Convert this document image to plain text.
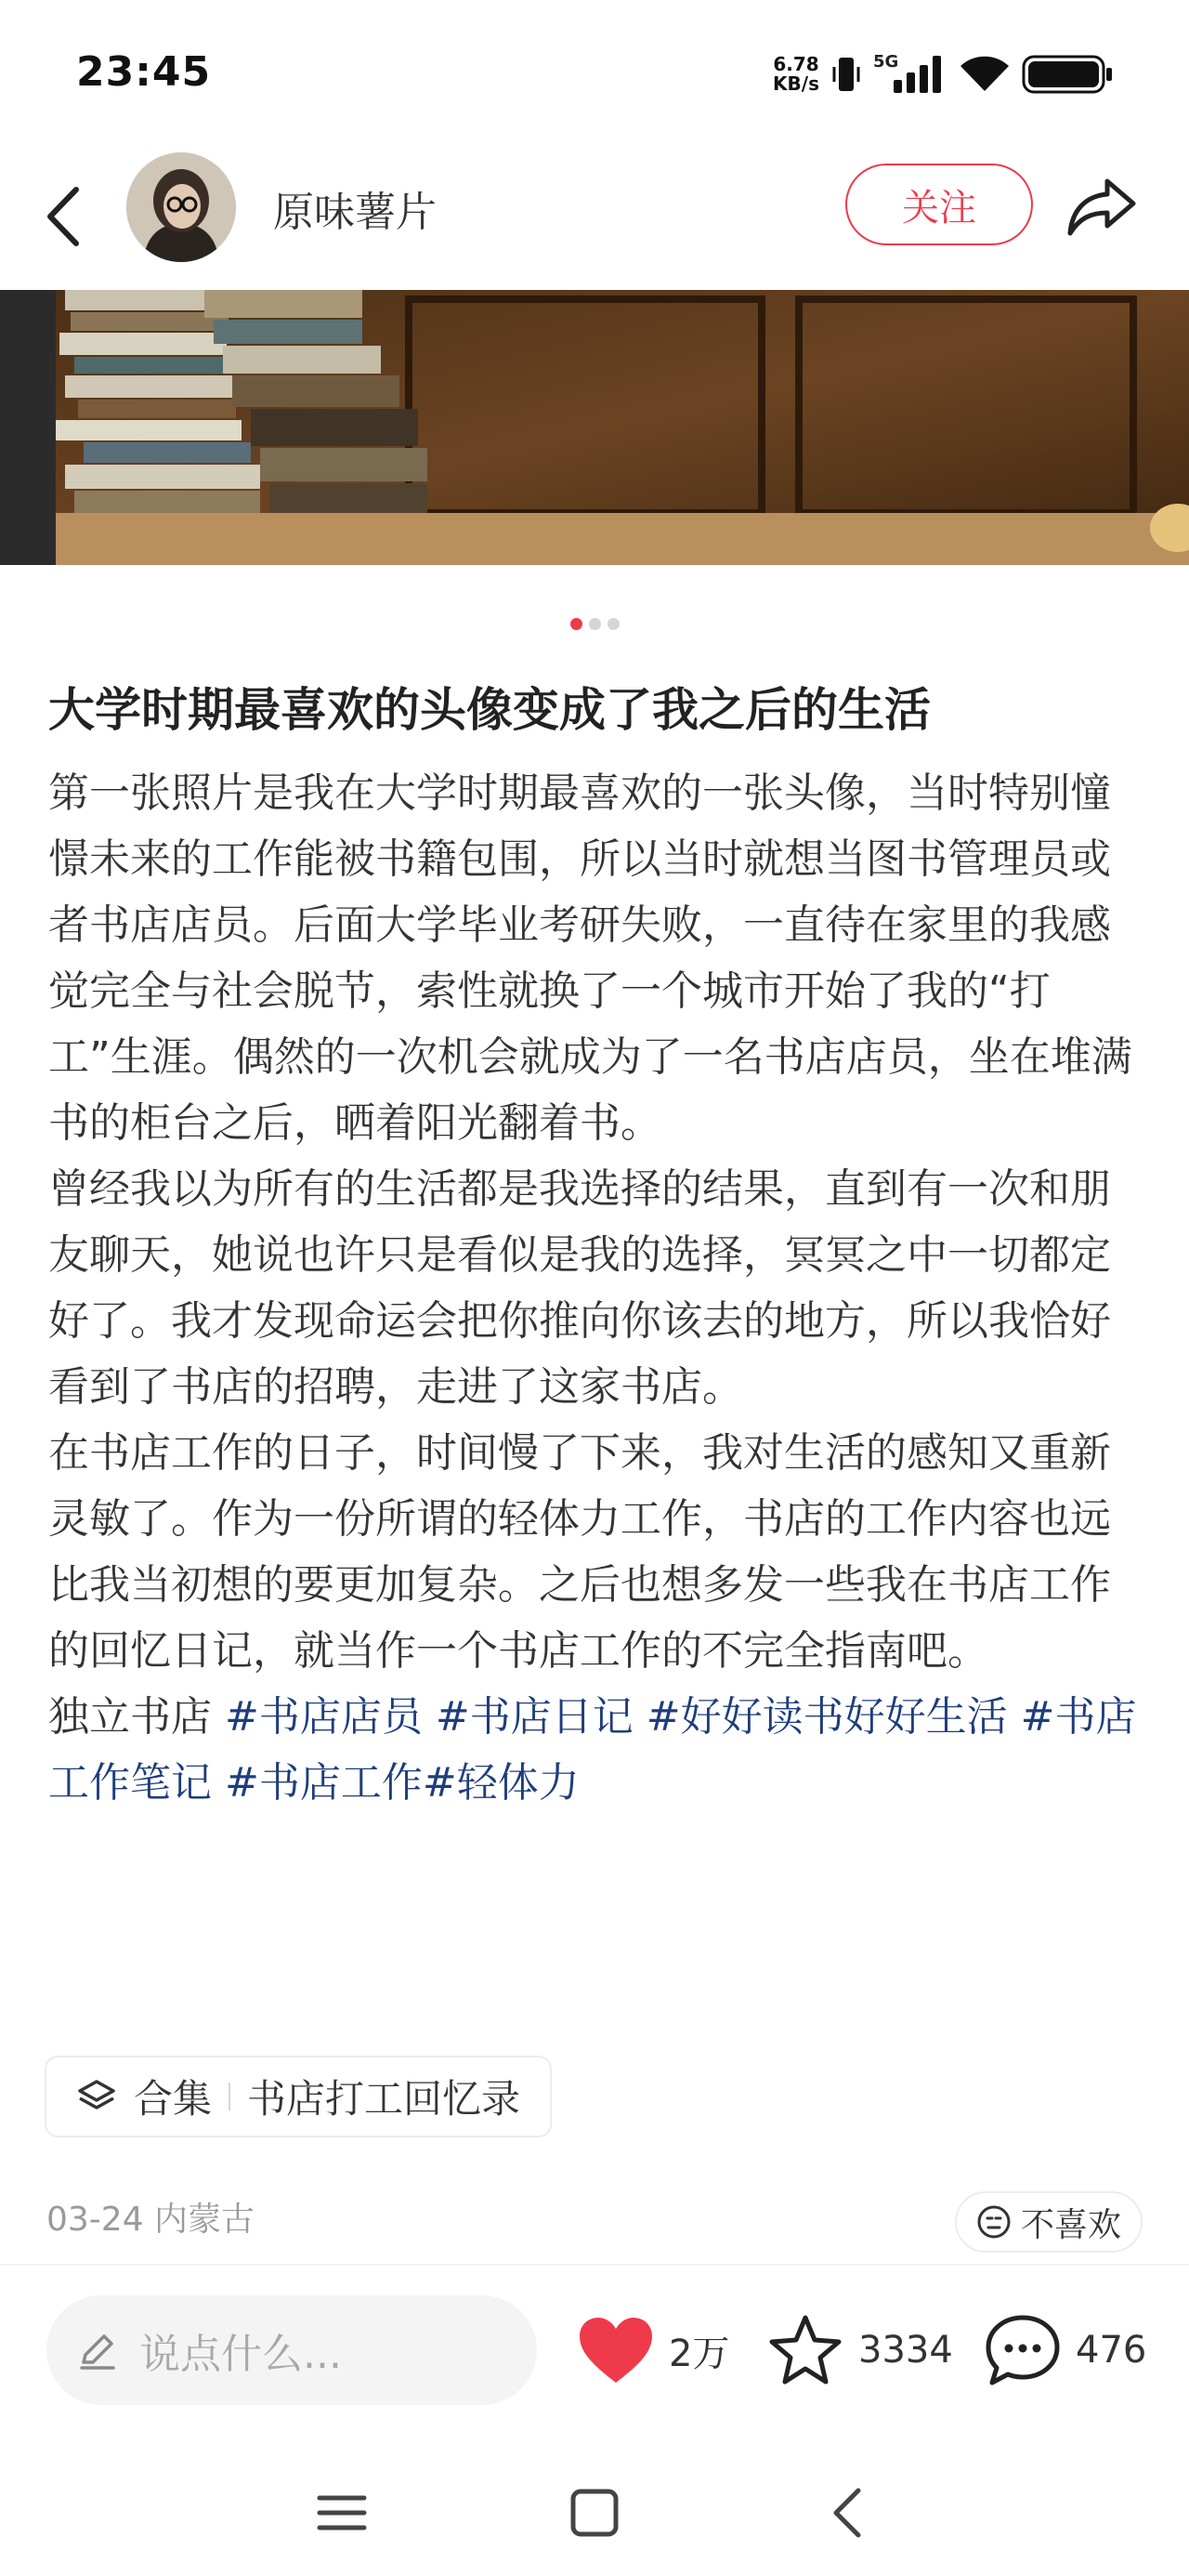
23:45	6.78
KB/s
5G
原味薯片	关注
大学时期最喜欢的头像变成了我之后的生活

第一张照片是我在大学时期最喜欢的一张头像，当时特别憧憬未来的工作能被书籍包围，所以当时就想当图书管理员或者书店店员。后面大学毕业考研失败，一直待在家里的我感觉完全与社会脱节，索性就换了一个城市开始了我的“打工”生涯。偶然的一次机会就成为了一名书店店员，坐在堆满书的柜台之后，晒着阳光翻着书。

曾经我以为所有的生活都是我选择的结果，直到有一次和朋友聊天，她说也许只是看似是我的选择，冥冥之中一切都定好了。我才发现命运会把你推向你该去的地方，所以我恰好看到了书店的招聘，走进了这家书店。

在书店工作的日子，时间慢了下来，我对生活的感知又重新灵敏了。作为一份所谓的轻体力工作，书店的工作内容也远比我当初想的要更加复杂。之后也想多发一些我在书店工作的回忆日记，就当作一个书店工作的不完全指南吧。

独立书店 #书店店员 #书店日记 #好好读书好好生活 #书店工作笔记 #书店工作#轻体力

合集 书店打工回忆录
03-24 内蒙古	不喜欢
说点什么...	2万	3334	476
